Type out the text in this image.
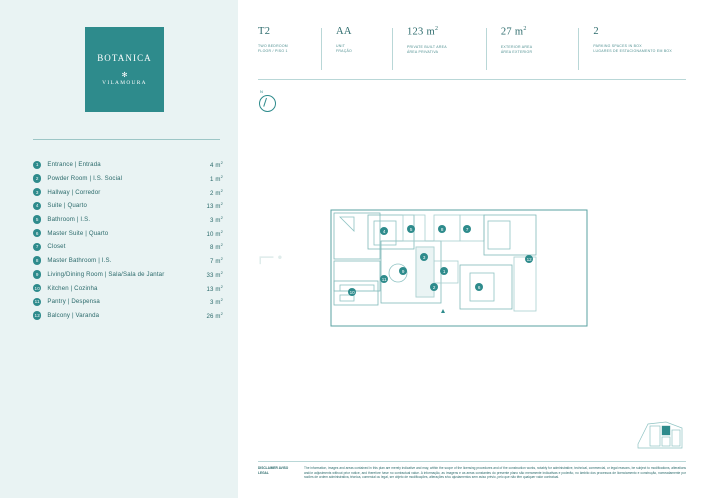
BOTANICA
✻
VILAMOURA
1	Entrance | Entrada	4 $m^2$
2	Powder Room | I.S. Social	1 $m^2$
3	Hallway | Corredor	2 $m^2$
4	Suite | Quarto	13 $m^2$
5	Bathroom | I.S.	3 $m^2$
6	Master Suite | Quarto	10 $m^2$
7	Closet	8 $m^2$
8	Master Bathroom | I.S.	7 $m^2$
9	Living/Dining Room | Sala/Sala de Jantar	33 $m^2$
10 Kitchen | Cozinha	13 $m^2$
11 Pantry | Despensa	3 $m^2$
12 Balcony | Varanda	26 $m^2$
T2
TWO BEDROOM
FLOOR / PISO 1
AA
UNIT
FRAÇÃO
123 $m^2$
PRIVATE BUILT AREA
ÁREA PRIVATIVA
27 $m^2$
EXTERIOR AREA
ÁREA EXTERIOR
2
PARKING SPACES IN BOX
LUGARES DE ESTACIONAMENTO EM BOX
N
⌐·	1
2
3
4	5
6
7
8
9
10
11
12
DISCLAIMER AVISO LEGAL
The information, images and areas contained in this plan are merely indicative and may, within the scope of the licensing procedures and of the construction works, notably for administrative, technical, commercial, or legal reasons, be subject to modifications, alterations and/or adjustments without prior notice, and therefore have no contractual value. A informação, as imagens e as areas constantes do presente plano são meramente indicativas e poderão, no âmbito dos processos de licenciamento e construção, nomeadamente por razões de ordem administrativa, técnica, comercial ou legal, ser objeto de modificações, alterações e/ou ajustamentos sem aviso prévio, pelo que não têm qualquer valor contratual.
